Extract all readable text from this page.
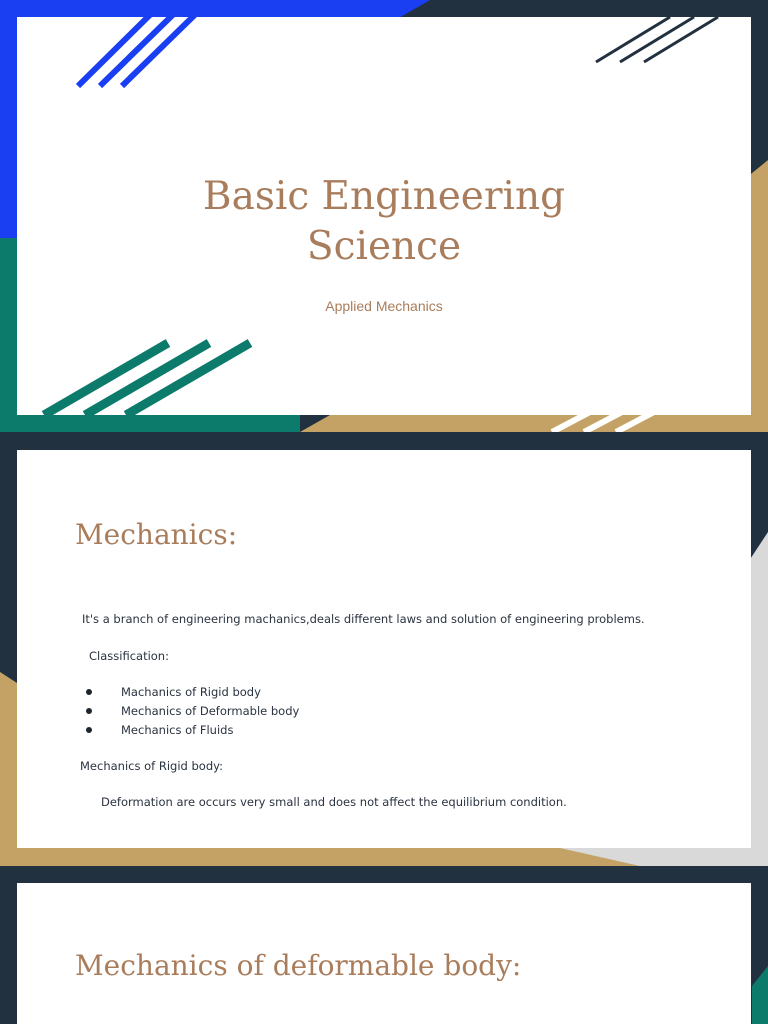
Basic Engineering
Science
Applied Mechanics
Mechanics:
It's a branch of engineering machanics,deals different laws and solution of engineering problems.
Classification:
Machanics of Rigid body
Mechanics of Deformable body
Mechanics of Fluids
Mechanics of Rigid body:
Deformation are occurs very small and does not affect the equilibrium condition.
Mechanics of deformable body:
